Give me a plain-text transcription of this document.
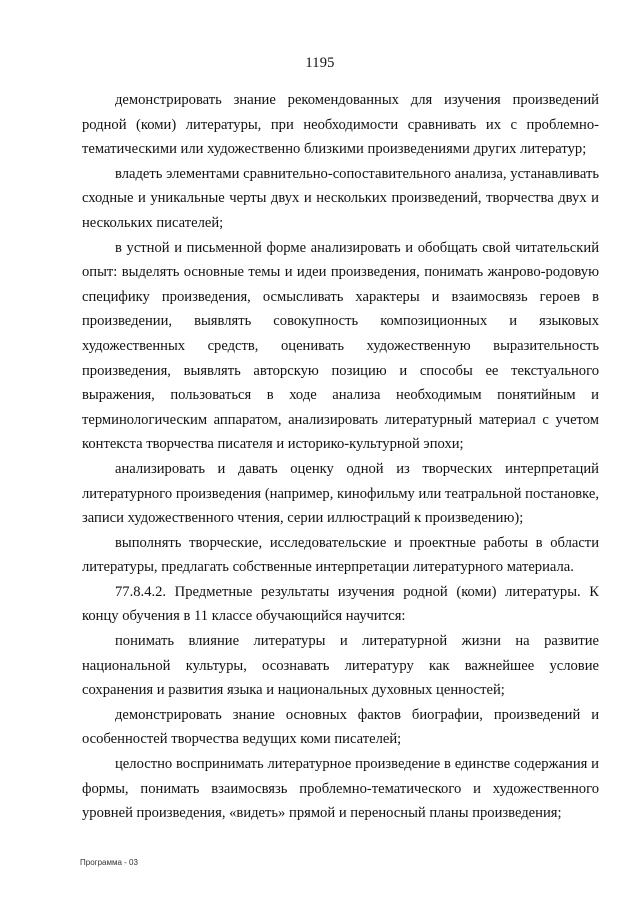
1195

демонстрировать знание рекомендованных для изучения произведений родной (коми) литературы, при необходимости сравнивать их с проблемно-тематическими или художественно близкими произведениями других литератур;

владеть элементами сравнительно-сопоставительного анализа, устанавливать сходные и уникальные черты двух и нескольких произведений, творчества двух и нескольких писателей;

в устной и письменной форме анализировать и обобщать свой читательский опыт: выделять основные темы и идеи произведения, понимать жанрово-родовую специфику произведения, осмысливать характеры и взаимосвязь героев в произведении, выявлять совокупность композиционных и языковых художественных средств, оценивать художественную выразительность произведения, выявлять авторскую позицию и способы ее текстуального выражения, пользоваться в ходе анализа необходимым понятийным и терминологическим аппаратом, анализировать литературный материал с учетом контекста творчества писателя и историко-культурной эпохи;

анализировать и давать оценку одной из творческих интерпретаций литературного произведения (например, кинофильму или театральной постановке, записи художественного чтения, серии иллюстраций к произведению);

выполнять творческие, исследовательские и проектные работы в области литературы, предлагать собственные интерпретации литературного материала.

77.8.4.2. Предметные результаты изучения родной (коми) литературы. К концу обучения в 11 классе обучающийся научится:

понимать влияние литературы и литературной жизни на развитие национальной культуры, осознавать литературу как важнейшее условие сохранения и развития языка и национальных духовных ценностей;

демонстрировать знание основных фактов биографии, произведений и особенностей творчества ведущих коми писателей;

целостно воспринимать литературное произведение в единстве содержания и формы, понимать взаимосвязь проблемно-тематического и художественного уровней произведения, «видеть» прямой и переносный планы произведения;

Программа - 03
